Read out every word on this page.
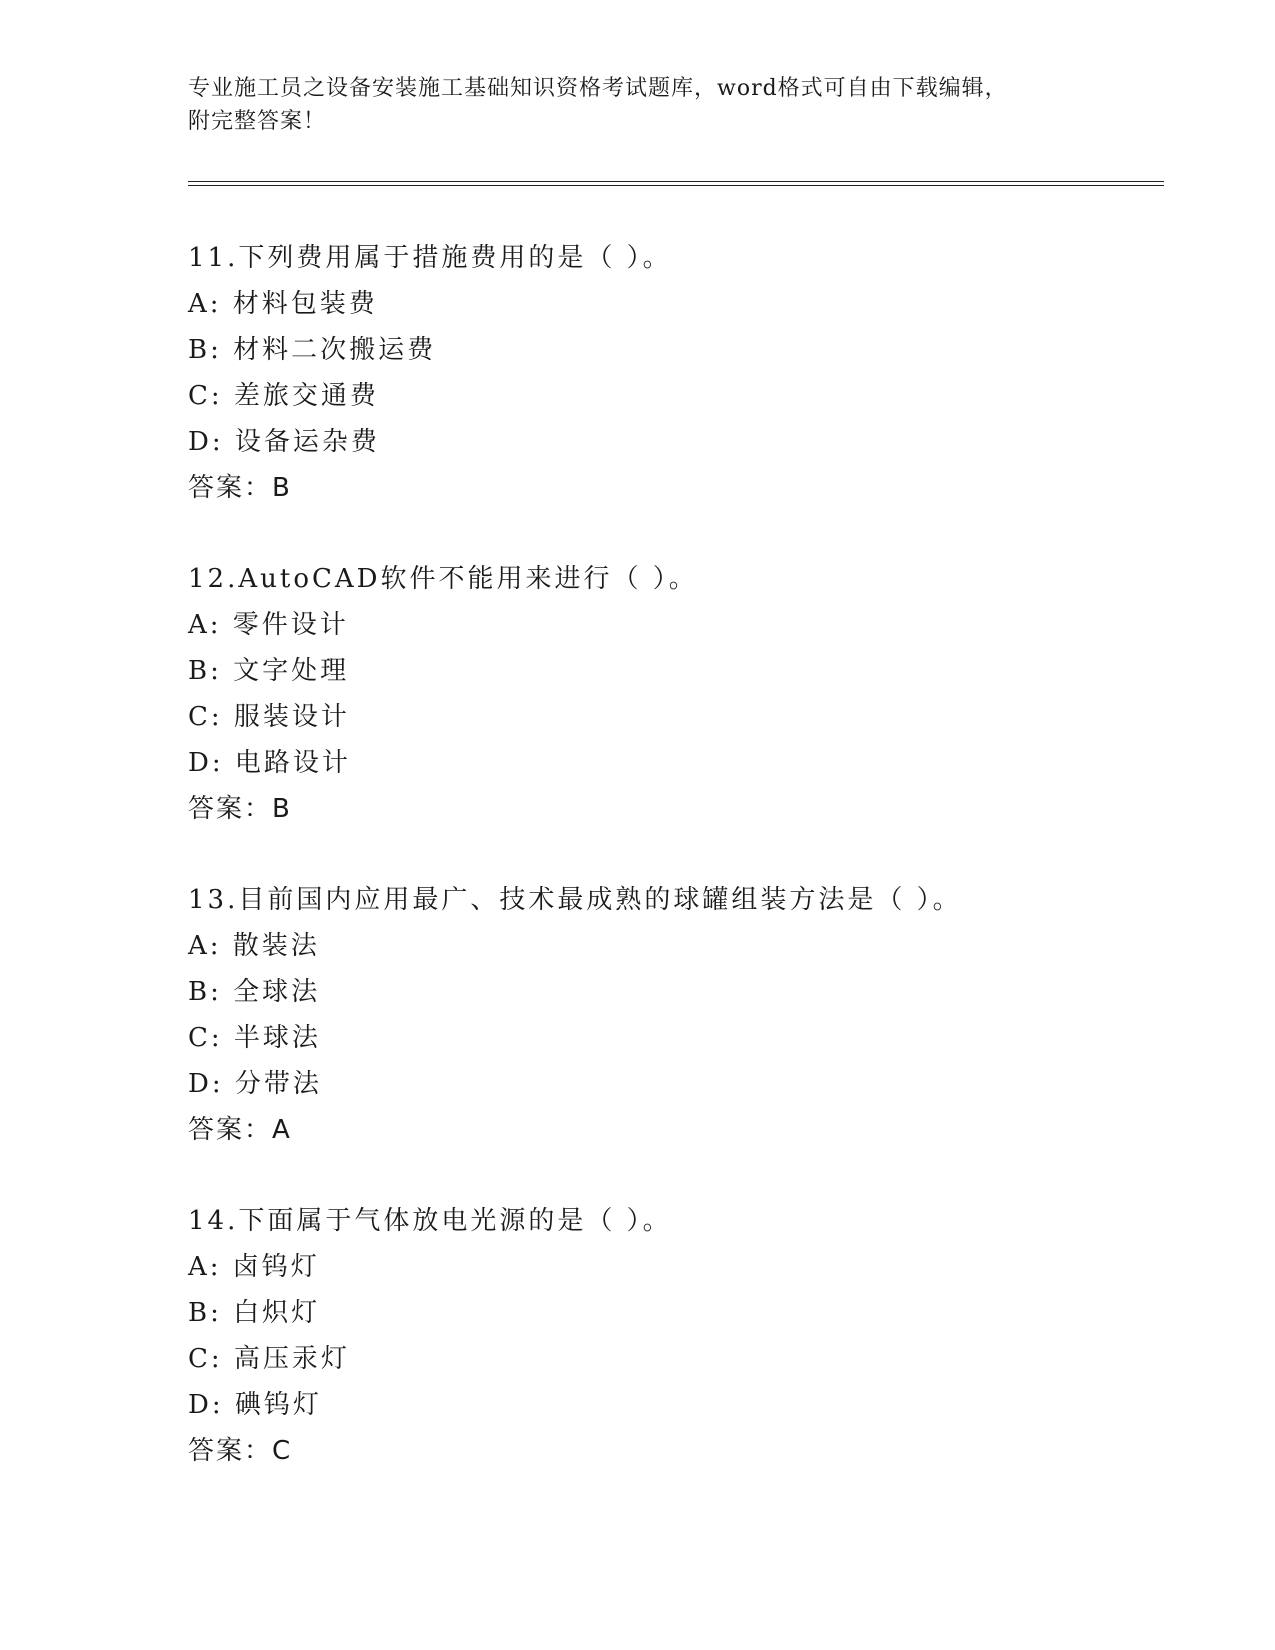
专业施工员之设备安装施工基础知识资格考试题库，word格式可自由下载编辑，
附完整答案！
11.下列费用属于措施费用的是（ ）。
A: 材料包装费
B: 材料二次搬运费
C: 差旅交通费
D: 设备运杂费
答案：B
12.AutoCAD软件不能用来进行（ ）。
A: 零件设计
B: 文字处理
C: 服装设计
D: 电路设计
答案：B
13.目前国内应用最广、技术最成熟的球罐组装方法是（ ）。
A: 散装法
B: 全球法
C: 半球法
D: 分带法
答案：A
14.下面属于气体放电光源的是（ ）。
A: 卤钨灯
B: 白炽灯
C: 高压汞灯
D: 碘钨灯
答案：C
